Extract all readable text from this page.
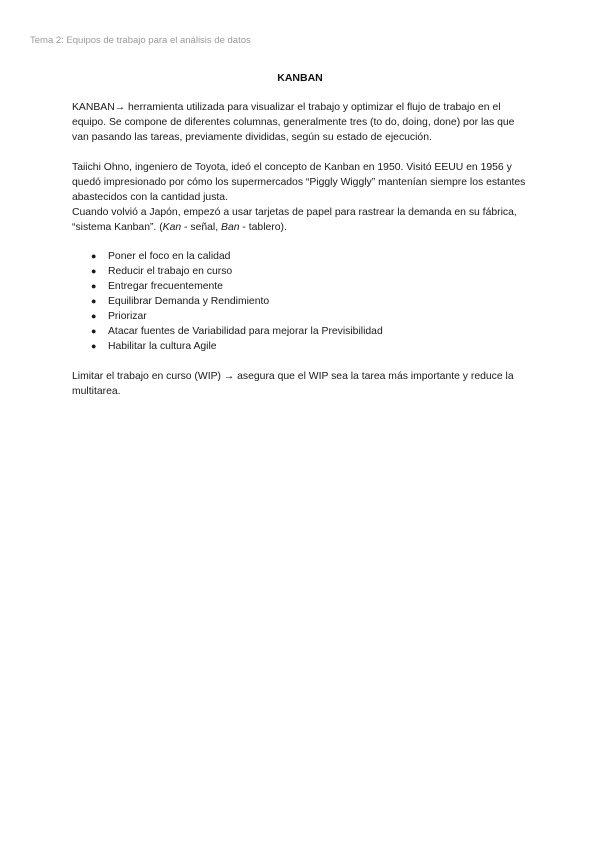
Tema 2: Equipos de trabajo para el análisis de datos
KANBAN

KANBAN→ herramienta utilizada para visualizar el trabajo y optimizar el flujo de trabajo en el equipo. Se compone de diferentes columnas, generalmente tres (to do, doing, done) por las que van pasando las tareas, previamente divididas, según su estado de ejecución.

Taiichi Ohno, ingeniero de Toyota, ideó el concepto de Kanban en 1950. Visitó EEUU en 1956 y quedó impresionado por cómo los supermercados “Piggly Wiggly” mantenían siempre los estantes abastecidos con la cantidad justa.

Cuando volvió a Japón, empezó a usar tarjetas de papel para rastrear la demanda en su fábrica, “sistema Kanban”. (Kan - señal, Ban - tablero).

● Poner el foco en la calidad
● Reducir el trabajo en curso
● Entregar frecuentemente
● Equilibrar Demanda y Rendimiento
● Priorizar
● Atacar fuentes de Variabilidad para mejorar la Previsibilidad
● Habilitar la cultura Agile

Limitar el trabajo en curso (WIP) → asegura que el WIP sea la tarea más importante y reduce la multitarea.
